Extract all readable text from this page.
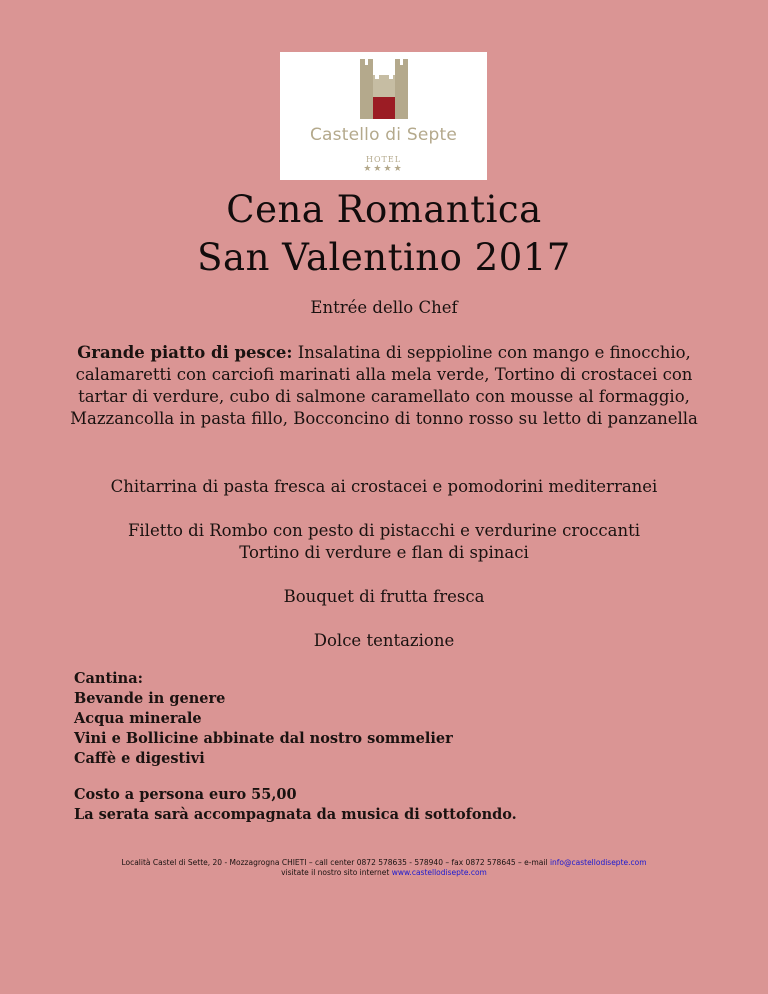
Castello di Septe
HOTEL
★★★★
Cena Romantica
San Valentino 2017
Entrée dello Chef
Grande piatto di pesce: Insalatina di seppioline con mango e finocchio, calamaretti con carciofi marinati alla mela verde, Tortino di crostacei con tartar di verdure, cubo di salmone caramellato con mousse al formaggio, Mazzancolla in pasta fillo, Bocconcino di tonno rosso su letto di panzanella
Chitarrina di pasta fresca ai crostacei e pomodorini mediterranei
Filetto di Rombo con pesto di pistacchi e verdurine croccanti
Tortino di verdure e flan di spinaci
Bouquet di frutta fresca
Dolce tentazione
Cantina:
Bevande in genere
Acqua minerale
Vini e Bollicine abbinate dal nostro sommelier
Caffè e digestivi
Costo a persona euro 55,00
La serata sarà accompagnata da musica di sottofondo.
Località Castel di Sette, 20 - Mozzagrogna CHIETI – call center 0872 578635 - 578940 – fax 0872 578645 – e-mail info@castellodisepte.com
visitate il nostro sito internet www.castellodisepte.com
